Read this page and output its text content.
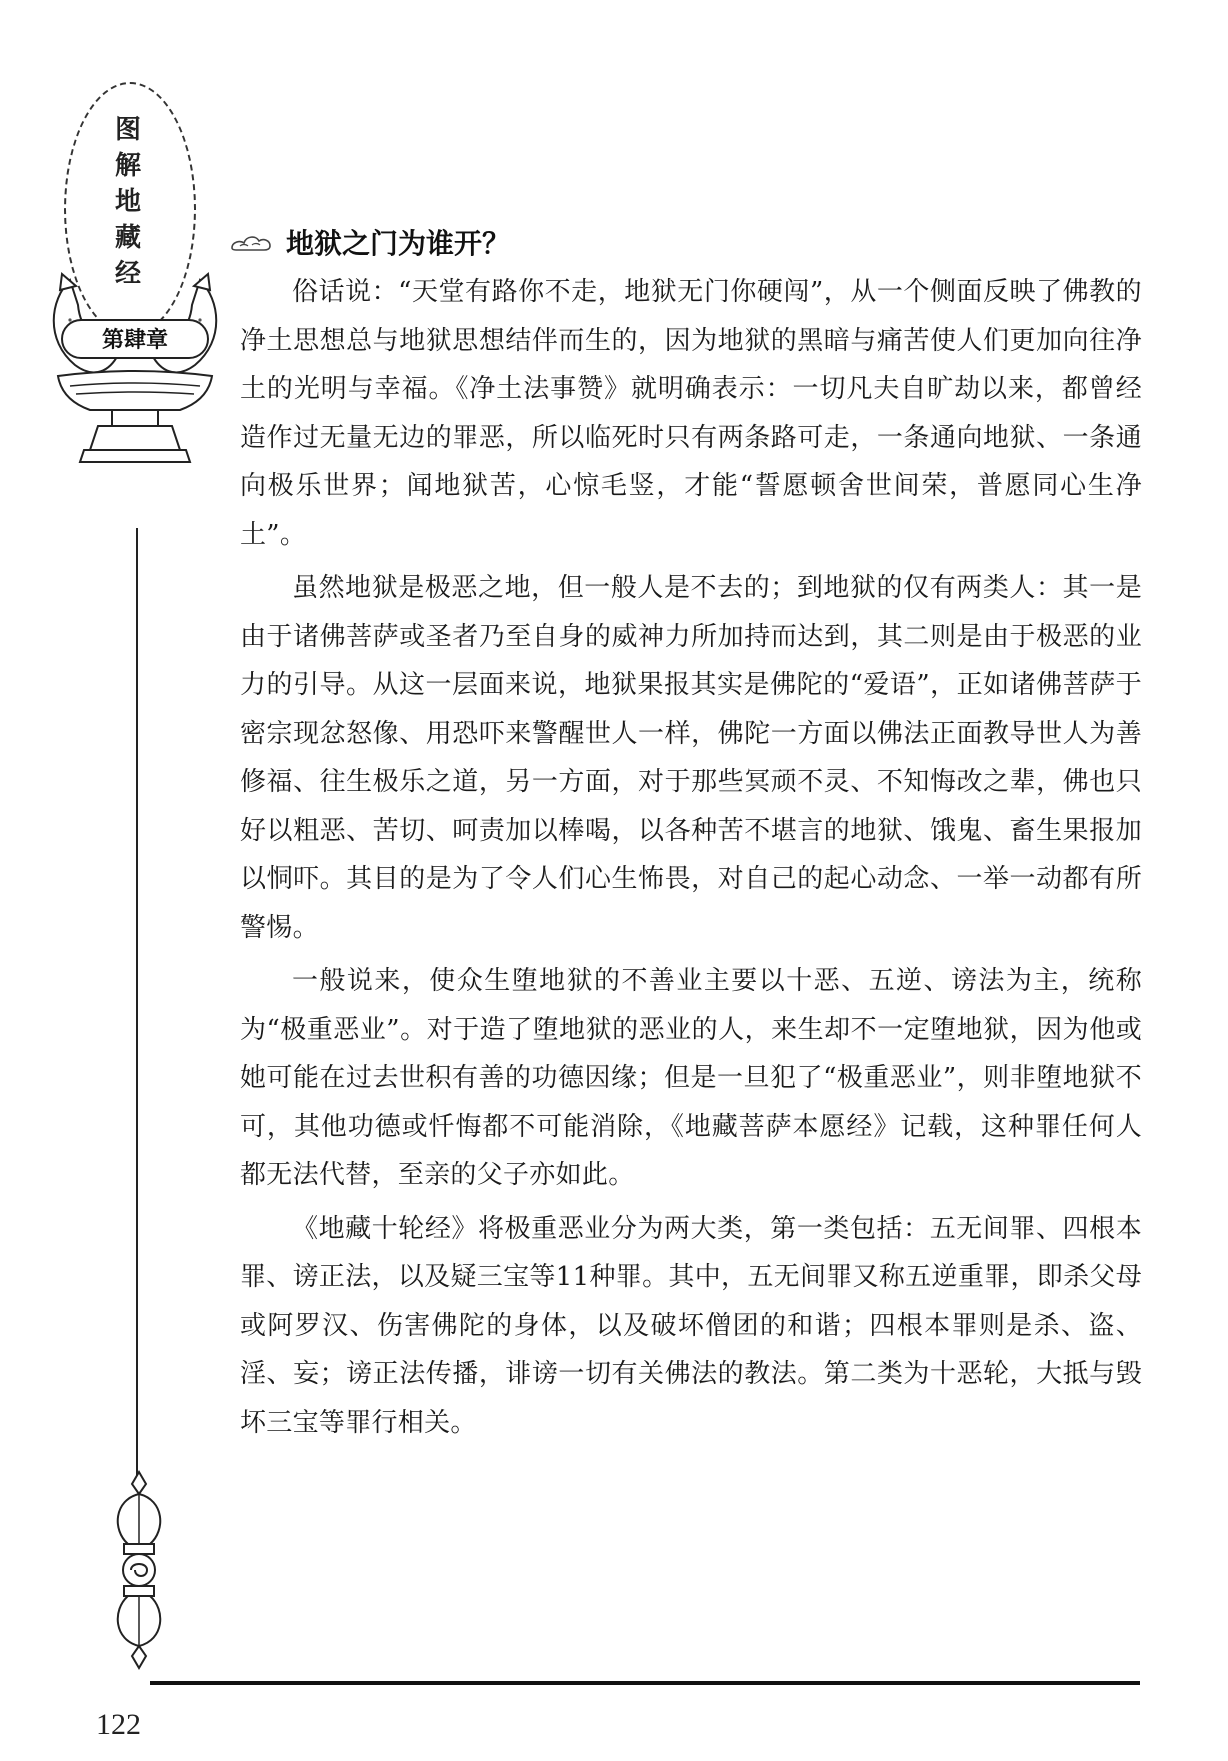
图解地藏经
第肆章
地狱之门为谁开？

俗话说：“天堂有路你不走，地狱无门你硬闯”，从一个侧面反映了佛教的净土思想总与地狱思想结伴而生的，因为地狱的黑暗与痛苦使人们更加向往净土的光明与幸福。《净土法事赞》就明确表示：一切凡夫自旷劫以来，都曾经造作过无量无边的罪恶，所以临死时只有两条路可走，一条通向地狱、一条通向极乐世界；闻地狱苦，心惊毛竖，才能“誓愿顿舍世间荣，普愿同心生净土”。

虽然地狱是极恶之地，但一般人是不去的；到地狱的仅有两类人：其一是由于诸佛菩萨或圣者乃至自身的威神力所加持而达到，其二则是由于极恶的业力的引导。从这一层面来说，地狱果报其实是佛陀的“爱语”，正如诸佛菩萨于密宗现忿怒像、用恐吓来警醒世人一样，佛陀一方面以佛法正面教导世人为善修福、往生极乐之道，另一方面，对于那些冥顽不灵、不知悔改之辈，佛也只好以粗恶、苦切、呵责加以棒喝，以各种苦不堪言的地狱、饿鬼、畜生果报加以恫吓。其目的是为了令人们心生怖畏，对自己的起心动念、一举一动都有所警惕。

一般说来，使众生堕地狱的不善业主要以十恶、五逆、谤法为主，统称为“极重恶业”。对于造了堕地狱的恶业的人，来生却不一定堕地狱，因为他或她可能在过去世积有善的功德因缘；但是一旦犯了“极重恶业”，则非堕地狱不可，其他功德或忏悔都不可能消除，《地藏菩萨本愿经》记载，这种罪任何人都无法代替，至亲的父子亦如此。

《地藏十轮经》将极重恶业分为两大类，第一类包括：五无间罪、四根本罪、谤正法，以及疑三宝等11种罪。其中，五无间罪又称五逆重罪，即杀父母或阿罗汉、伤害佛陀的身体，以及破坏僧团的和谐；四根本罪则是杀、盗、淫、妄；谤正法传播，诽谤一切有关佛法的教法。第二类为十恶轮，大抵与毁坏三宝等罪行相关。

122
